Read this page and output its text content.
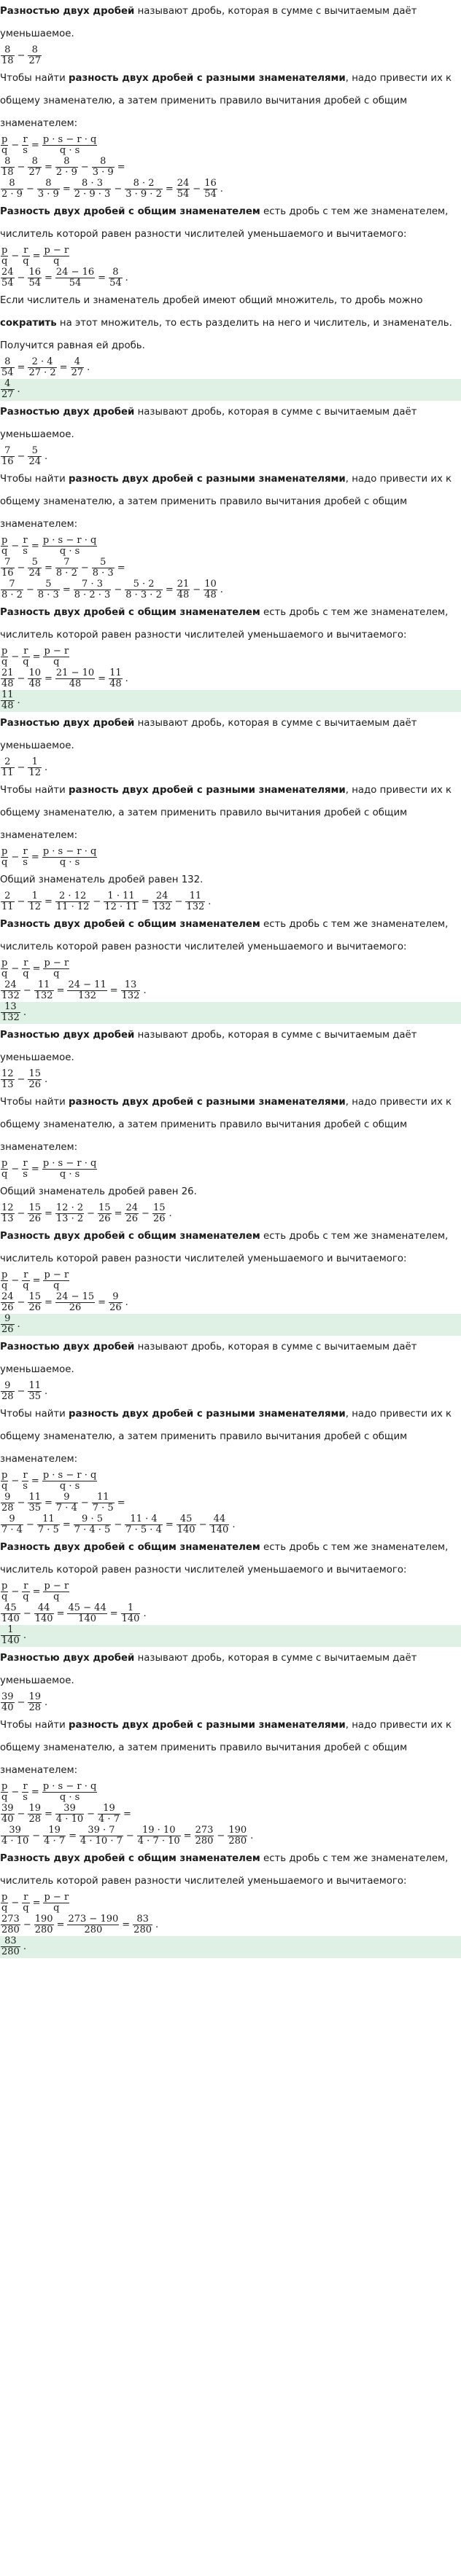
Разностью двух дробей называют дробь, которая в сумме с вычитаемым даёт уменьшаемое.

$\frac{8}{18} - \frac{8}{27}$

Чтобы найти разность двух дробей с разными знаменателями, надо привести их к общему знаменателю, а затем применить правило вычитания дробей с общим знаменателем:

$\frac{p}{q} - \frac{r}{s} = \frac{p \cdot s - r \cdot q}{q \cdot s}$
$\frac{8}{18} - \frac{8}{27} = \frac{8}{2 \cdot 9} - \frac{8}{3 \cdot 9}$ =
$\frac{8}{2 \cdot 9} - \frac{8}{3 \cdot 9} = \frac{8 \cdot 3}{2 \cdot 9 \cdot 3} - \frac{8 \cdot 2}{3 \cdot 9 \cdot 2} = \frac{24}{54} - \frac{16}{54}$ .

Разность двух дробей с общим знаменателем есть дробь с тем же знаменателем, числитель которой равен разности числителей уменьшаемого и вычитаемого:

$\frac{p}{q} - \frac{r}{q} = \frac{p - r}{q}$
$\frac{24}{54} - \frac{16}{54} = \frac{24 - 16}{54} = \frac{8}{54}$ .

Если числитель и знаменатель дробей имеют общий множитель, то дробь можно сократить на этот множитель, то есть разделить на него и числитель, и знаменатель. Получится равная ей дробь.

$\frac{8}{54} = \frac{2 \cdot 4}{27 \cdot 2} = \frac{4}{27}$ .
$\frac{4}{27}$ .

Разностью двух дробей называют дробь, которая в сумме с вычитаемым даёт уменьшаемое.

$\frac{7}{16} - \frac{5}{24}$ .

Чтобы найти разность двух дробей с разными знаменателями, надо привести их к общему знаменателю, а затем применить правило вычитания дробей с общим знаменателем:

$\frac{p}{q} - \frac{r}{s} = \frac{p \cdot s - r \cdot q}{q \cdot s}$
$\frac{7}{16} - \frac{5}{24} = \frac{7}{8 \cdot 2} - \frac{5}{8 \cdot 3}$ =
$\frac{7}{8 \cdot 2} - \frac{5}{8 \cdot 3} = \frac{7 \cdot 3}{8 \cdot 2 \cdot 3} - \frac{5 \cdot 2}{8 \cdot 3 \cdot 2} = \frac{21}{48} - \frac{10}{48}$ .

Разность двух дробей с общим знаменателем есть дробь с тем же знаменателем, числитель которой равен разности числителей уменьшаемого и вычитаемого:

$\frac{p}{q} - \frac{r}{q} = \frac{p - r}{q}$
$\frac{21}{48} - \frac{10}{48} = \frac{21 - 10}{48} = \frac{11}{48}$ .
$\frac{11}{48}$ .

Разностью двух дробей называют дробь, которая в сумме с вычитаемым даёт уменьшаемое.

$\frac{2}{11} - \frac{1}{12}$ .

Чтобы найти разность двух дробей с разными знаменателями, надо привести их к общему знаменателю, а затем применить правило вычитания дробей с общим знаменателем:

$\frac{p}{q} - \frac{r}{s} = \frac{p \cdot s - r \cdot q}{q \cdot s}$

Общий знаменатель дробей равен 132.

$\frac{2}{11} - \frac{1}{12} = \frac{2 \cdot 12}{11 \cdot 12} - \frac{1 \cdot 11}{12 \cdot 11} = \frac{24}{132} - \frac{11}{132}$ .

Разность двух дробей с общим знаменателем есть дробь с тем же знаменателем, числитель которой равен разности числителей уменьшаемого и вычитаемого:

$\frac{p}{q} - \frac{r}{q} = \frac{p - r}{q}$
$\frac{24}{132} - \frac{11}{132} = \frac{24 - 11}{132} = \frac{13}{132}$ .
$\frac{13}{132}$ .

Разностью двух дробей называют дробь, которая в сумме с вычитаемым даёт уменьшаемое.

$\frac{12}{13} - \frac{15}{26}$ .

Чтобы найти разность двух дробей с разными знаменателями, надо привести их к общему знаменателю, а затем применить правило вычитания дробей с общим знаменателем:

$\frac{p}{q} - \frac{r}{s} = \frac{p \cdot s - r \cdot q}{q \cdot s}$

Общий знаменатель дробей равен 26.

$\frac{12}{13} - \frac{15}{26} = \frac{12 \cdot 2}{13 \cdot 2} - \frac{15}{26} = \frac{24}{26} - \frac{15}{26}$ .

Разность двух дробей с общим знаменателем есть дробь с тем же знаменателем, числитель которой равен разности числителей уменьшаемого и вычитаемого:

$\frac{p}{q} - \frac{r}{q} = \frac{p - r}{q}$
$\frac{24}{26} - \frac{15}{26} = \frac{24 - 15}{26} = \frac{9}{26}$ .
$\frac{9}{26}$ .

Разностью двух дробей называют дробь, которая в сумме с вычитаемым даёт уменьшаемое.

$\frac{9}{28} - \frac{11}{35}$ .

Чтобы найти разность двух дробей с разными знаменателями, надо привести их к общему знаменателю, а затем применить правило вычитания дробей с общим знаменателем:

$\frac{p}{q} - \frac{r}{s} = \frac{p \cdot s - r \cdot q}{q \cdot s}$
$\frac{9}{28} - \frac{11}{35} = \frac{9}{7 \cdot 4} - \frac{11}{7 \cdot 5}$ =
$\frac{9}{7 \cdot 4} - \frac{11}{7 \cdot 5} = \frac{9 \cdot 5}{7 \cdot 4 \cdot 5} - \frac{11 \cdot 4}{7 \cdot 5 \cdot 4} = \frac{45}{140} - \frac{44}{140}$ .

Разность двух дробей с общим знаменателем есть дробь с тем же знаменателем, числитель которой равен разности числителей уменьшаемого и вычитаемого:

$\frac{p}{q} - \frac{r}{q} = \frac{p - r}{q}$
$\frac{45}{140} - \frac{44}{140} = \frac{45 - 44}{140} = \frac{1}{140}$ .
$\frac{1}{140}$ .

Разностью двух дробей называют дробь, которая в сумме с вычитаемым даёт уменьшаемое.

$\frac{39}{40} - \frac{19}{28}$ .

Чтобы найти разность двух дробей с разными знаменателями, надо привести их к общему знаменателю, а затем применить правило вычитания дробей с общим знаменателем:

$\frac{p}{q} - \frac{r}{s} = \frac{p \cdot s - r \cdot q}{q \cdot s}$
$\frac{39}{40} - \frac{19}{28} = \frac{39}{4 \cdot 10} - \frac{19}{4 \cdot 7}$ =
$\frac{39}{4 \cdot 10} - \frac{19}{4 \cdot 7} = \frac{39 \cdot 7}{4 \cdot 10 \cdot 7} - \frac{19 \cdot 10}{4 \cdot 7 \cdot 10} = \frac{273}{280} - \frac{190}{280}$ .

Разность двух дробей с общим знаменателем есть дробь с тем же знаменателем, числитель которой равен разности числителей уменьшаемого и вычитаемого:

$\frac{p}{q} - \frac{r}{q} = \frac{p - r}{q}$
$\frac{273}{280} - \frac{190}{280} = \frac{273 - 190}{280} = \frac{83}{280}$ .
$\frac{83}{280}$ .
